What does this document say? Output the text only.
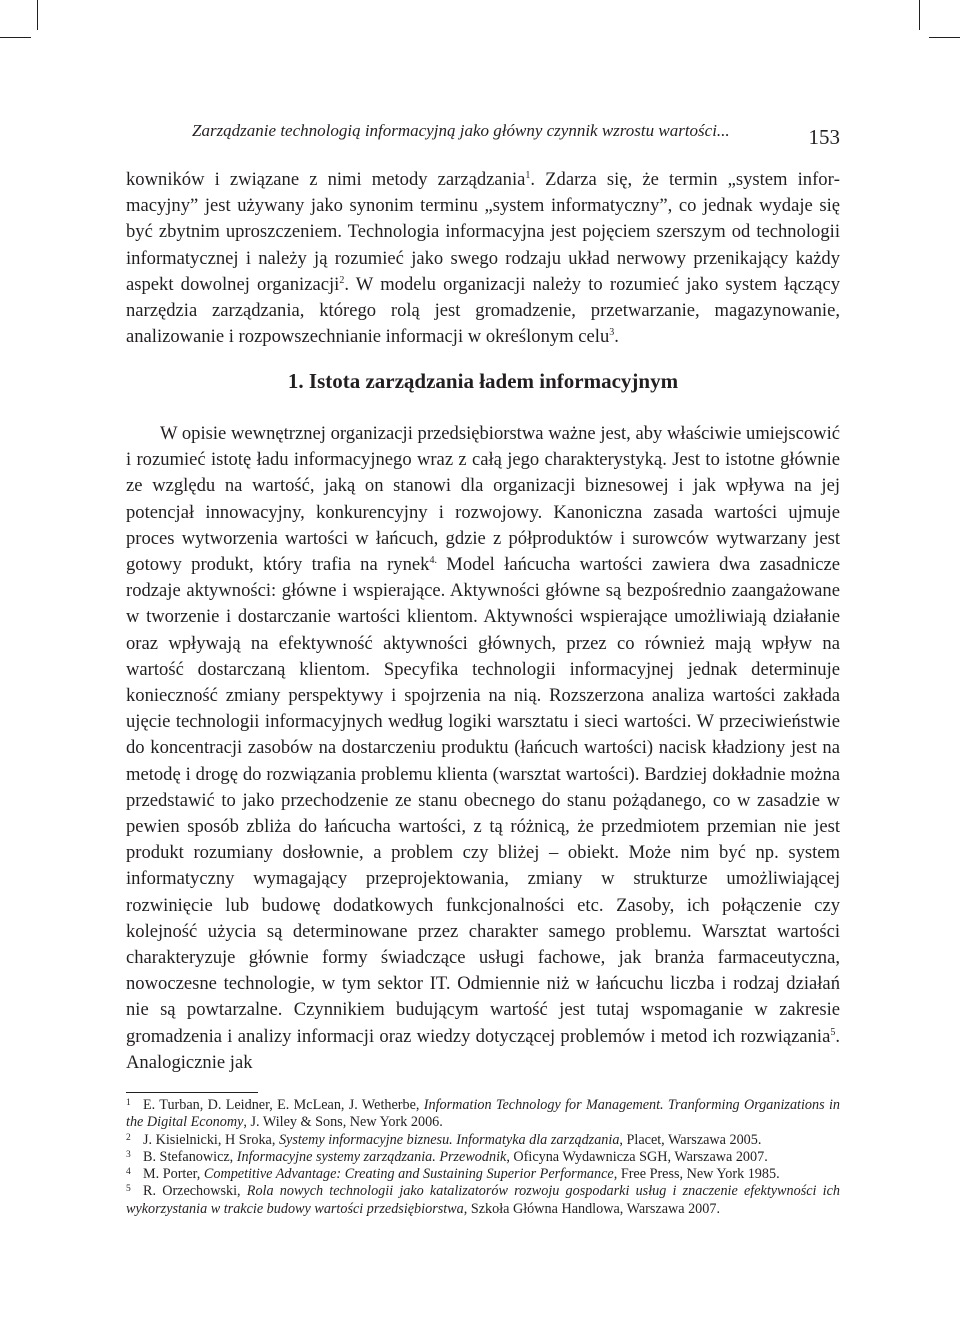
Zarządzanie technologią informacyjną jako główny czynnik wzrostu wartości...	153

kowników i związane z nimi metody zarządzania$^1$. Zdarza się, że termin „system informacyjny” jest używany jako synonim terminu „system informatyczny”, co jednak wydaje się być zbytnim uproszczeniem. Technologia informacyjna jest pojęciem szerszym od technologii informatycznej i należy ją rozumieć jako swego rodzaju układ nerwowy przenikający każdy aspekt dowolnej organizacji$^2$. W modelu organizacji należy to rozumieć jako system łączący narzędzia zarządzania, którego rolą jest gromadzenie, przetwarzanie, magazynowanie, analizowanie i rozpowszechnianie informacji w określonym celu$^3$.

1. Istota zarządzania ładem informacyjnym

W opisie wewnętrznej organizacji przedsiębiorstwa ważne jest, aby właściwie umiejscowić i rozumieć istotę ładu informacyjnego wraz z całą jego charakterystyką. Jest to istotne głównie ze względu na wartość, jaką on stanowi dla organizacji biznesowej i jak wpływa na jej potencjał innowacyjny, konkurencyjny i rozwojowy. Kanoniczna zasada wartości ujmuje proces wytworzenia wartości w łańcuch, gdzie z półproduktów i surowców wytwarzany jest gotowy produkt, który trafia na rynek$^{4.}$ Model łańcucha wartości zawiera dwa zasadnicze rodzaje aktywności: główne i wspierające. Aktywności główne są bezpośrednio zaangażowane w tworzenie i dostarczanie wartości klientom. Aktywności wspierające umożliwiają działanie oraz wpływają na efektywność aktywności głównych, przez co również mają wpływ na wartość dostarczaną klientom. Specyfika technologii informacyjnej jednak determinuje konieczność zmiany perspektywy i spojrzenia na nią. Rozszerzona analiza wartości zakłada ujęcie technologii informacyjnych według logiki warsztatu i sieci wartości. W przeciwieństwie do koncentracji zasobów na dostarczeniu produktu (łańcuch wartości) nacisk kładziony jest na metodę i drogę do rozwiązania problemu klienta (warsztat wartości). Bardziej dokładnie można przedstawić to jako przechodzenie ze stanu obecnego do stanu pożądanego, co w zasadzie w pewien sposób zbliża do łańcucha wartości, z tą różnicą, że przedmiotem przemian nie jest produkt rozumiany dosłownie, a problem czy bliżej – obiekt. Może nim być np. system informatyczny wymagający przeprojektowania, zmiany w strukturze umożliwiającej rozwinięcie lub budowę dodatkowych funkcjonalności etc. Zasoby, ich połączenie czy kolejność użycia są determinowane przez charakter samego problemu. Warsztat wartości charakteryzuje głównie formy świadczące usługi fachowe, jak branża farmaceutyczna, nowoczesne technologie, w tym sektor IT. Odmiennie niż w łańcuchu liczba i rodzaj działań nie są powtarzalne. Czynnikiem budującym wartość jest tutaj wspomaganie w zakresie gromadzenia i analizy informacji oraz wiedzy dotyczącej problemów i metod ich rozwiązania$^5$. Analogicznie jak

1 E. Turban, D. Leidner, E. McLean, J. Wetherbe, Information Technology for Management. Tranforming Organizations in the Digital Economy, J. Wiley & Sons, New York 2006.

2 J. Kisielnicki, H Sroka, Systemy informacyjne biznesu. Informatyka dla zarządzania, Placet, Warszawa 2005.

3 B. Stefanowicz, Informacyjne systemy zarządzania. Przewodnik, Oficyna Wydawnicza SGH, Warszawa 2007.

4 M. Porter, Competitive Advantage: Creating and Sustaining Superior Performance, Free Press, New York 1985.

5 R. Orzechowski, Rola nowych technologii jako katalizatorów rozwoju gospodarki usług i znaczenie efektywności ich wykorzystania w trakcie budowy wartości przedsiębiorstwa, Szkoła Główna Handlowa, Warszawa 2007.
